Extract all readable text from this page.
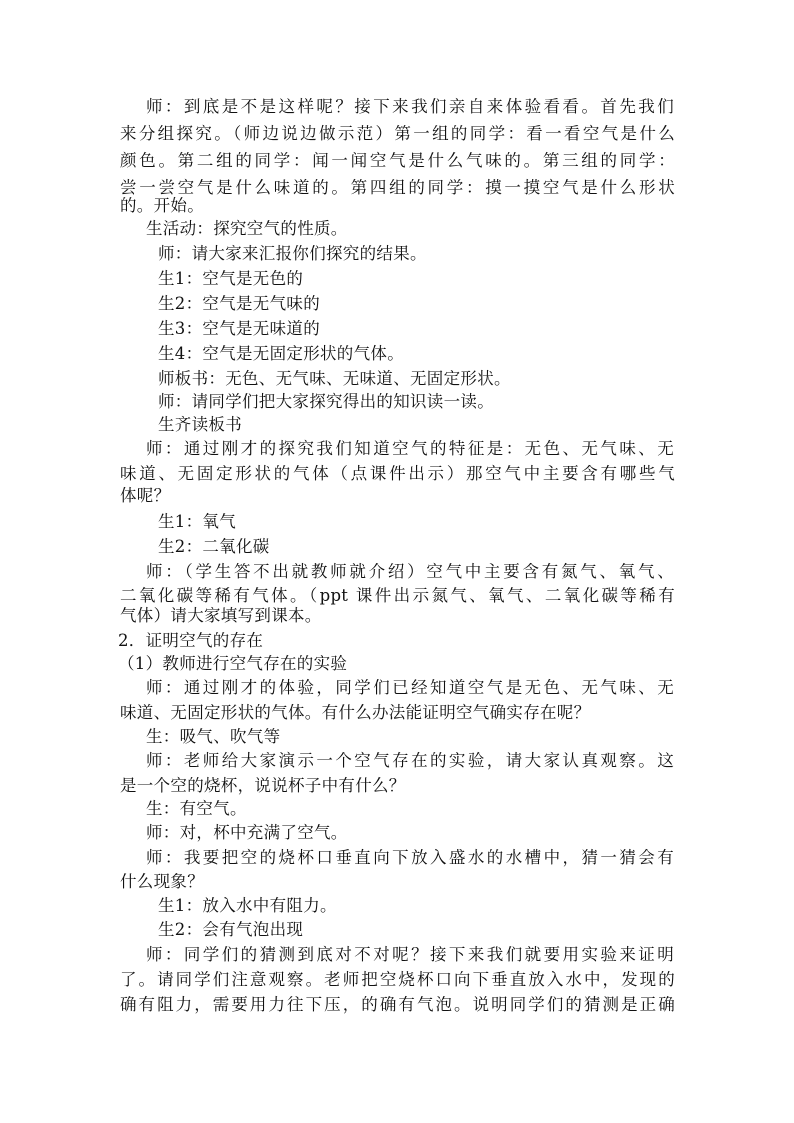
师：到底是不是这样呢？接下来我们亲自来体验看看。首先我们
来分组探究。（师边说边做示范）第一组的同学：看一看空气是什么
颜色。第二组的同学：闻一闻空气是什么气味的。第三组的同学：
尝一尝空气是什么味道的。第四组的同学：摸一摸空气是什么形状
的。开始。
生活动：探究空气的性质。
师：请大家来汇报你们探究的结果。
生1：空气是无色的
生2：空气是无气味的
生3：空气是无味道的
生4：空气是无固定形状的气体。
师板书：无色、无气味、无味道、无固定形状。
师：请同学们把大家探究得出的知识读一读。
生齐读板书
师：通过刚才的探究我们知道空气的特征是：无色、无气味、无
味道、无固定形状的气体（点课件出示）那空气中主要含有哪些气
体呢？
生1：氧气
生2：二氧化碳
师：（学生答不出就教师就介绍）空气中主要含有氮气、氧气、
二氧化碳等稀有气体。（ppt 课件出示氮气、氧气、二氧化碳等稀有
气体）请大家填写到课本。
2．证明空气的存在
（1）教师进行空气存在的实验
师：通过刚才的体验，同学们已经知道空气是无色、无气味、无
味道、无固定形状的气体。有什么办法能证明空气确实存在呢？
生：吸气、吹气等
师：老师给大家演示一个空气存在的实验，请大家认真观察。这
是一个空的烧杯，说说杯子中有什么？
生：有空气。
师：对，杯中充满了空气。
师：我要把空的烧杯口垂直向下放入盛水的水槽中，猜一猜会有
什么现象？
生1：放入水中有阻力。
生2：会有气泡出现
师：同学们的猜测到底对不对呢？接下来我们就要用实验来证明
了。请同学们注意观察。老师把空烧杯口向下垂直放入水中，发现的
确有阻力，需要用力往下压，的确有气泡。说明同学们的猜测是正确
